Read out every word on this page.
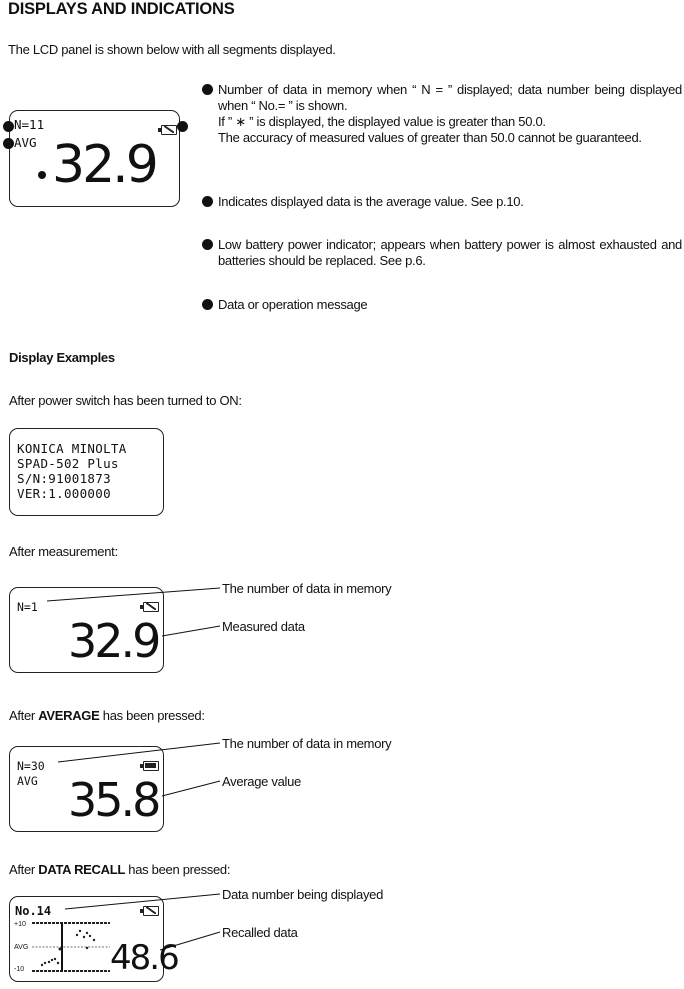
DISPLAYS AND INDICATIONS
The LCD panel is shown below with all segments displayed.
N=11
AVG 32.9
Number of data in memory when “ N = ” displayed; data number being displayed when “ No.= ” is shown.
If ” ∗ ” is displayed, the displayed value is greater than 50.0.
The accuracy of measured values of greater than 50.0 cannot be guaranteed.
Indicates displayed data is the average value. See p.10.
Low battery power indicator; appears when battery power is almost exhausted and batteries should be replaced. See p.6.
Data or operation message
Display Examples
After power switch has been turned to ON:
KONICA MINOLTA
SPAD-502 Plus
S/N:91001873
VER:1.000000
After measurement:
N=1
32.9
The number of data in memory
Measured data
After AVERAGE has been pressed:
N=30
AVG 35.8
The number of data in memory
Average value
After DATA RECALL has been pressed:
No.14
+10
AVG
-10	48.6
Data number being displayed
Recalled data
